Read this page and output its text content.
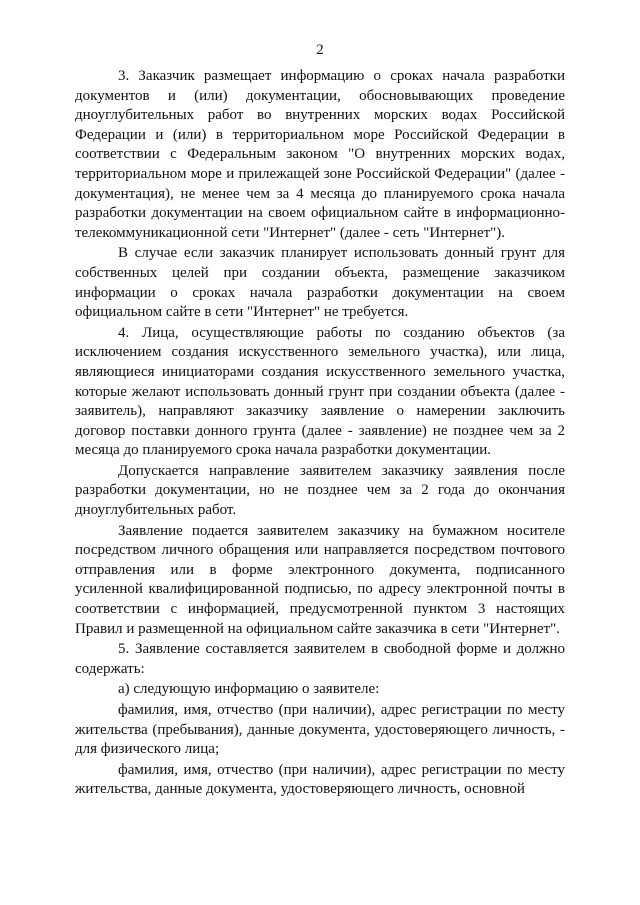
2

3. Заказчик размещает информацию о сроках начала разработки документов и (или) документации, обосновывающих проведение дноуглубительных работ во внутренних морских водах Российской Федерации и (или) в территориальном море Российской Федерации в соответствии с Федеральным законом "О внутренних морских водах, территориальном море и прилежащей зоне Российской Федерации" (далее - документация), не менее чем за 4 месяца до планируемого срока начала разработки документации на своем официальном сайте в информационно-телекоммуникационной сети "Интернет" (далее - сеть "Интернет").

В случае если заказчик планирует использовать донный грунт для собственных целей при создании объекта, размещение заказчиком информации о сроках начала разработки документации на своем официальном сайте в сети "Интернет" не требуется.

4. Лица, осуществляющие работы по созданию объектов (за исключением создания искусственного земельного участка), или лица, являющиеся инициаторами создания искусственного земельного участка, которые желают использовать донный грунт при создании объекта (далее - заявитель), направляют заказчику заявление о намерении заключить договор поставки донного грунта (далее - заявление) не позднее чем за 2 месяца до планируемого срока начала разработки документации.

Допускается направление заявителем заказчику заявления после разработки документации, но не позднее чем за 2 года до окончания дноуглубительных работ.

Заявление подается заявителем заказчику на бумажном носителе посредством личного обращения или направляется посредством почтового отправления или в форме электронного документа, подписанного усиленной квалифицированной подписью, по адресу электронной почты в соответствии с информацией, предусмотренной пунктом 3 настоящих Правил и размещенной на официальном сайте заказчика в сети "Интернет".

5. Заявление составляется заявителем в свободной форме и должно содержать:

а) следующую информацию о заявителе:

фамилия, имя, отчество (при наличии), адрес регистрации по месту жительства (пребывания), данные документа, удостоверяющего личность, - для физического лица;

фамилия, имя, отчество (при наличии), адрес регистрации по месту жительства, данные документа, удостоверяющего личность, основной
